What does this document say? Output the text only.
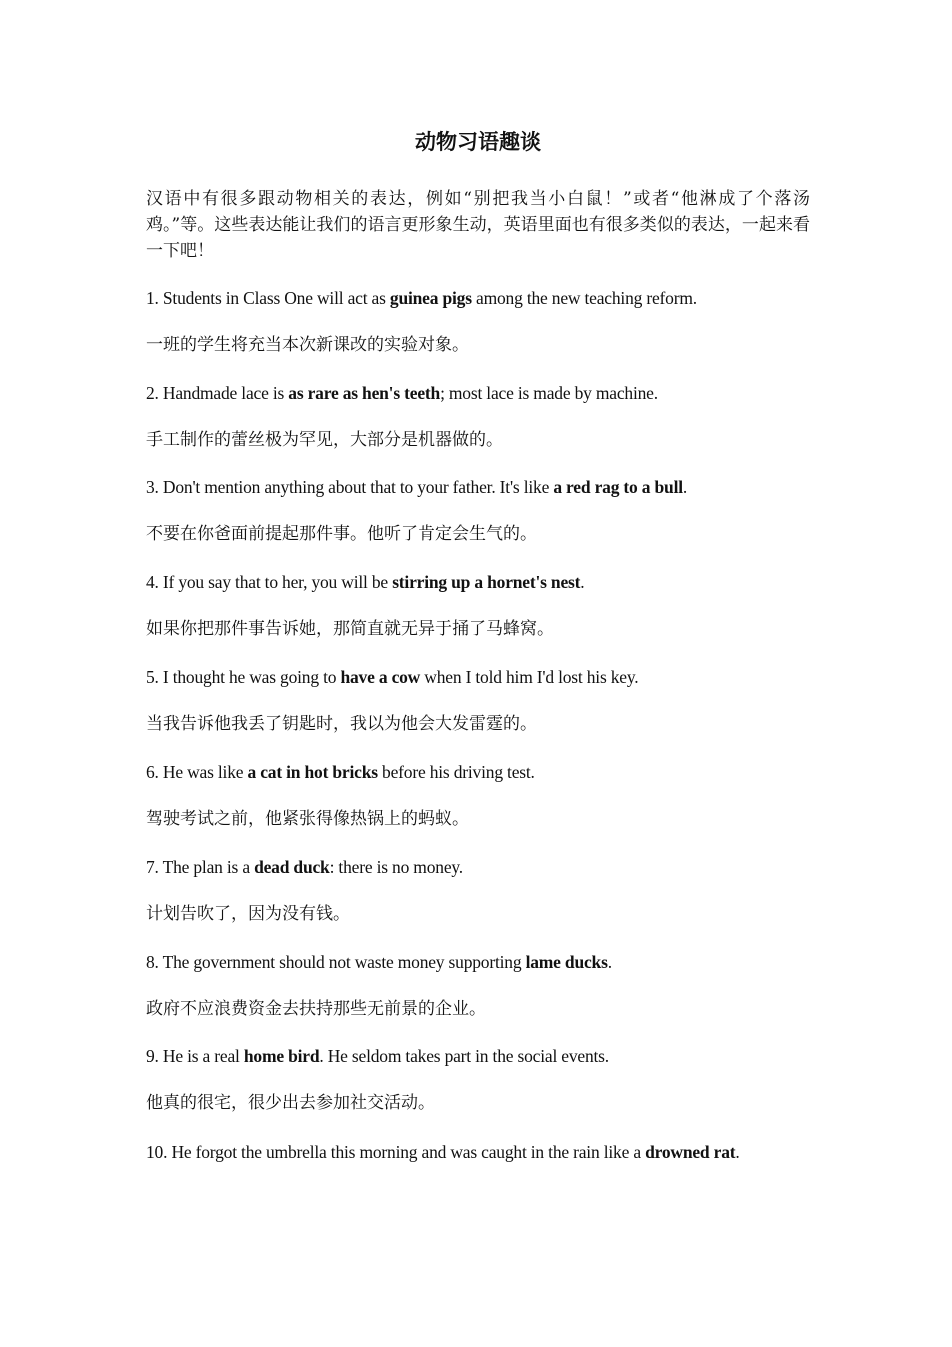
动物习语趣谈

汉语中有很多跟动物相关的表达，例如“别把我当小白鼠！”或者“他淋成了个落汤鸡。”等。这些表达能让我们的语言更形象生动，英语里面也有很多类似的表达，一起来看一下吧！

1. Students in Class One will act as guinea pigs among the new teaching reform.

一班的学生将充当本次新课改的实验对象。

2. Handmade lace is as rare as hen's teeth; most lace is made by machine.

手工制作的蕾丝极为罕见，大部分是机器做的。

3. Don't mention anything about that to your father. It's like a red rag to a bull.

不要在你爸面前提起那件事。他听了肯定会生气的。

4. If you say that to her, you will be stirring up a hornet's nest.

如果你把那件事告诉她，那简直就无异于捅了马蜂窝。

5. I thought he was going to have a cow when I told him I'd lost his key.

当我告诉他我丢了钥匙时，我以为他会大发雷霆的。

6. He was like a cat in hot bricks before his driving test.

驾驶考试之前，他紧张得像热锅上的蚂蚁。

7. The plan is a dead duck: there is no money.

计划告吹了，因为没有钱。

8. The government should not waste money supporting lame ducks.

政府不应浪费资金去扶持那些无前景的企业。

9. He is a real home bird. He seldom takes part in the social events.

他真的很宅，很少出去参加社交活动。

10. He forgot the umbrella this morning and was caught in the rain like a drowned rat.
